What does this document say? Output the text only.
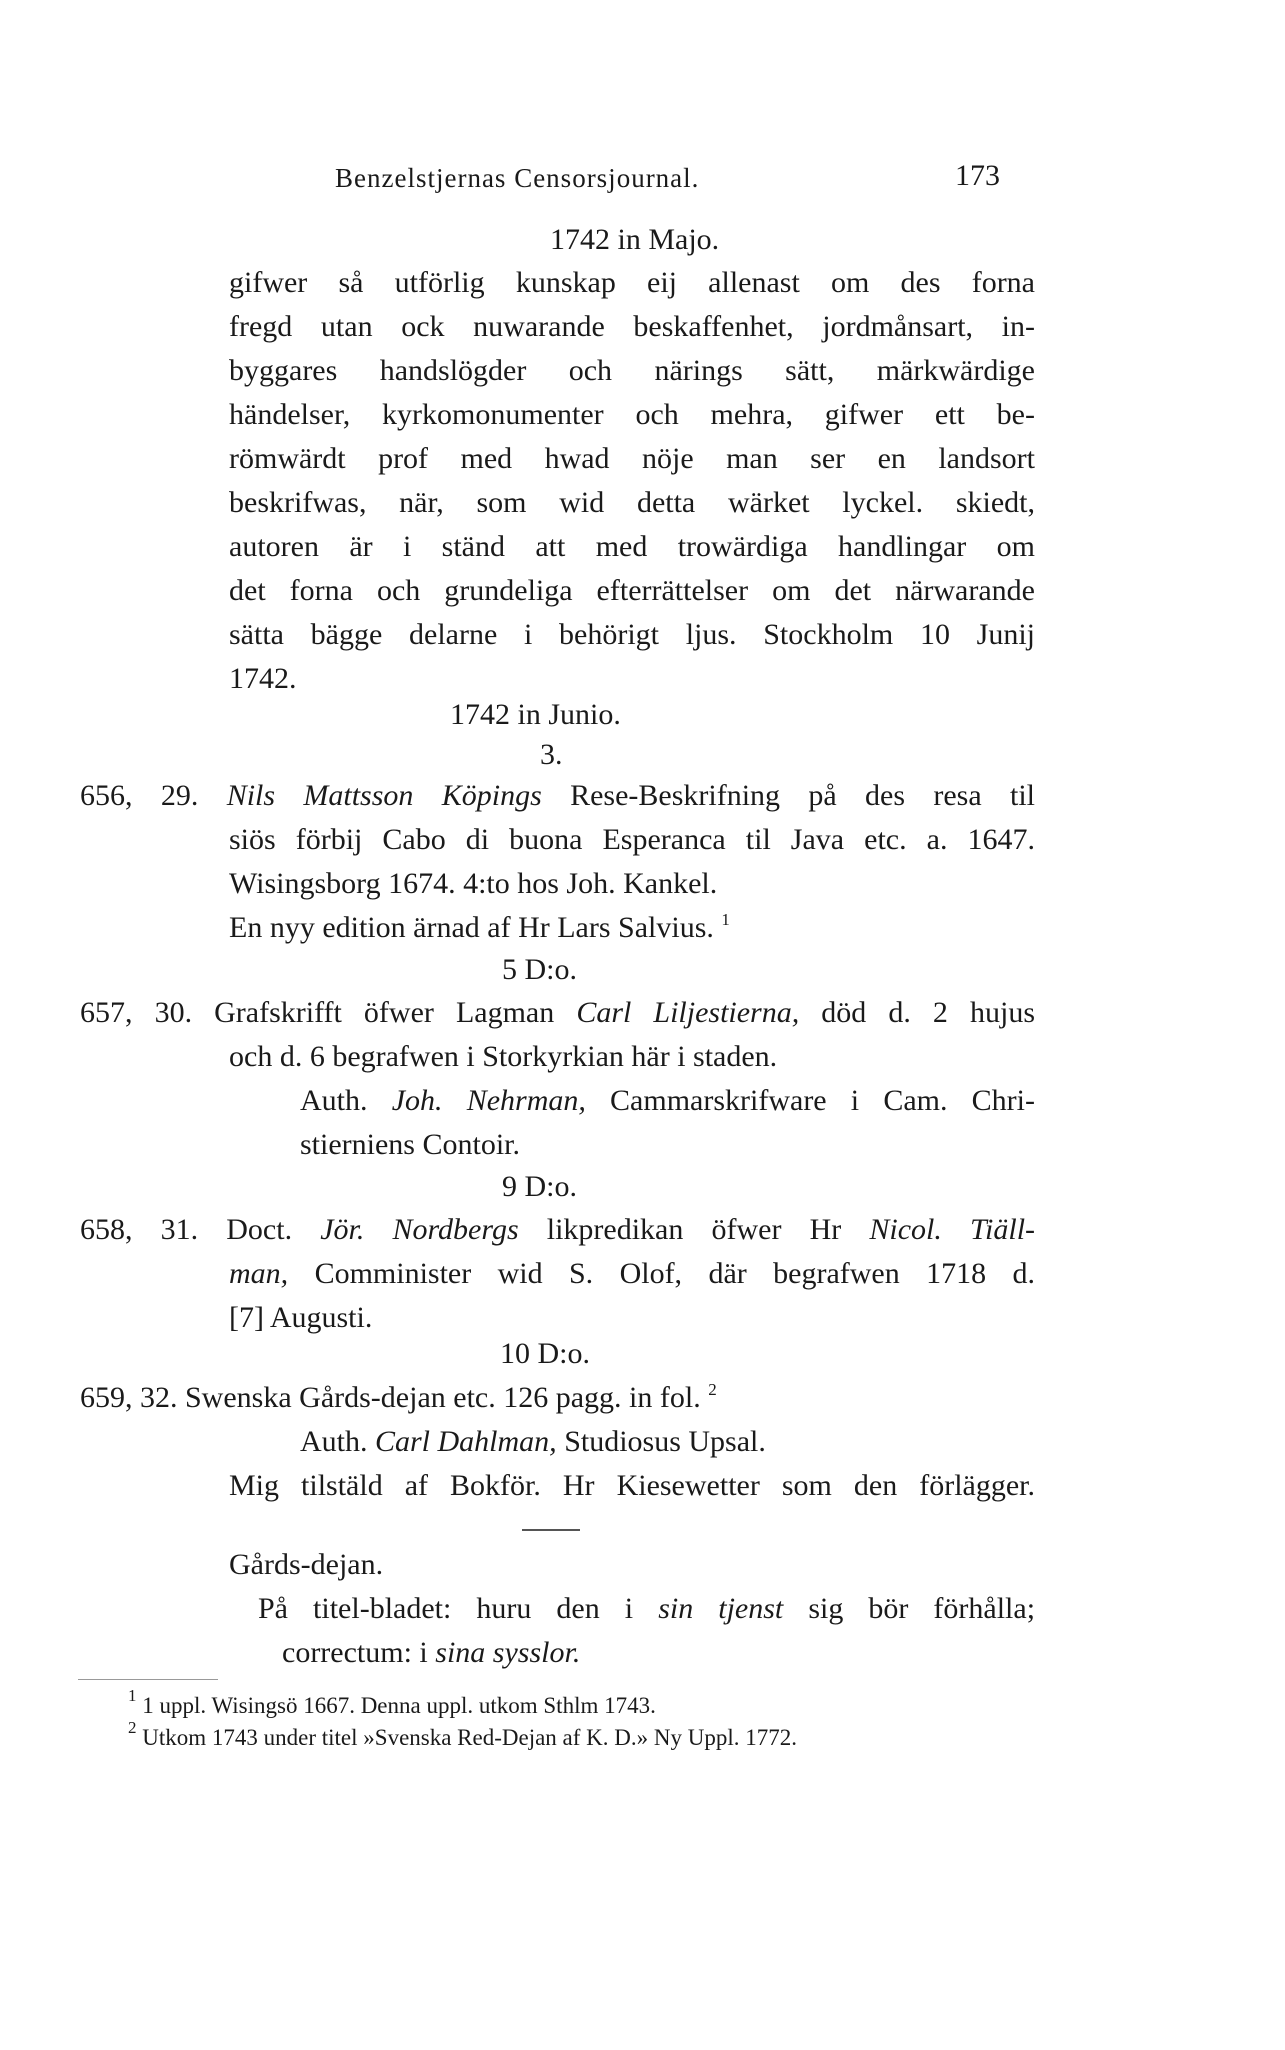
Benzelstjernas Censorsjournal.	173
1742 in Majo.
gifwer så utförlig kunskap eij allenast om des forna
fregd utan ock nuwarande beskaffenhet, jordmånsart, in-
byggares handslögder och närings sätt, märkwärdige
händelser, kyrkomonumenter och mehra, gifwer ett be-
römwärdt prof med hwad nöje man ser en landsort
beskrifwas, när, som wid detta wärket lyckel. skiedt,
autoren är i ständ att med trowärdiga handlingar om
det forna och grundeliga efterrättelser om det närwarande
sätta bägge delarne i behörigt ljus. Stockholm 10 Junij
1742.
1742 in Junio.
3.
656, 29. Nils Mattsson Köpings Rese-Beskrifning på des resa til
siös förbij Cabo di buona Esperanca til Java etc. a. 1647.
Wisingsborg 1674. 4:to hos Joh. Kankel.
En nyy edition ärnad af Hr Lars Salvius. $^1$
5 D:o.
657, 30. Grafskrifft öfwer Lagman Carl Liljestierna, död d. 2 hujus
och d. 6 begrafwen i Storkyrkian här i staden.
Auth. Joh. Nehrman, Cammarskrifware i Cam. Chri-
stierniens Contoir.
9 D:o.
658, 31. Doct. Jör. Nordbergs likpredikan öfwer Hr Nicol. Tiäll-
man, Comminister wid S. Olof, där begrafwen 1718 d.
[7] Augusti.
10 D:o.
659, 32. Swenska Gårds-dejan etc. 126 pagg. in fol. $^2$
Auth. Carl Dahlman, Studiosus Upsal.
Mig tilstäld af Bokför. Hr Kiesewetter som den förlägger.
Gårds-dejan.
På titel-bladet: huru den i sin tjenst sig bör förhålla;
correctum: i sina sysslor.
$^1$ 1 uppl. Wisingsö 1667. Denna uppl. utkom Sthlm 1743.
$^2$ Utkom 1743 under titel »Svenska Red-Dejan af K. D.» Ny Uppl. 1772.
